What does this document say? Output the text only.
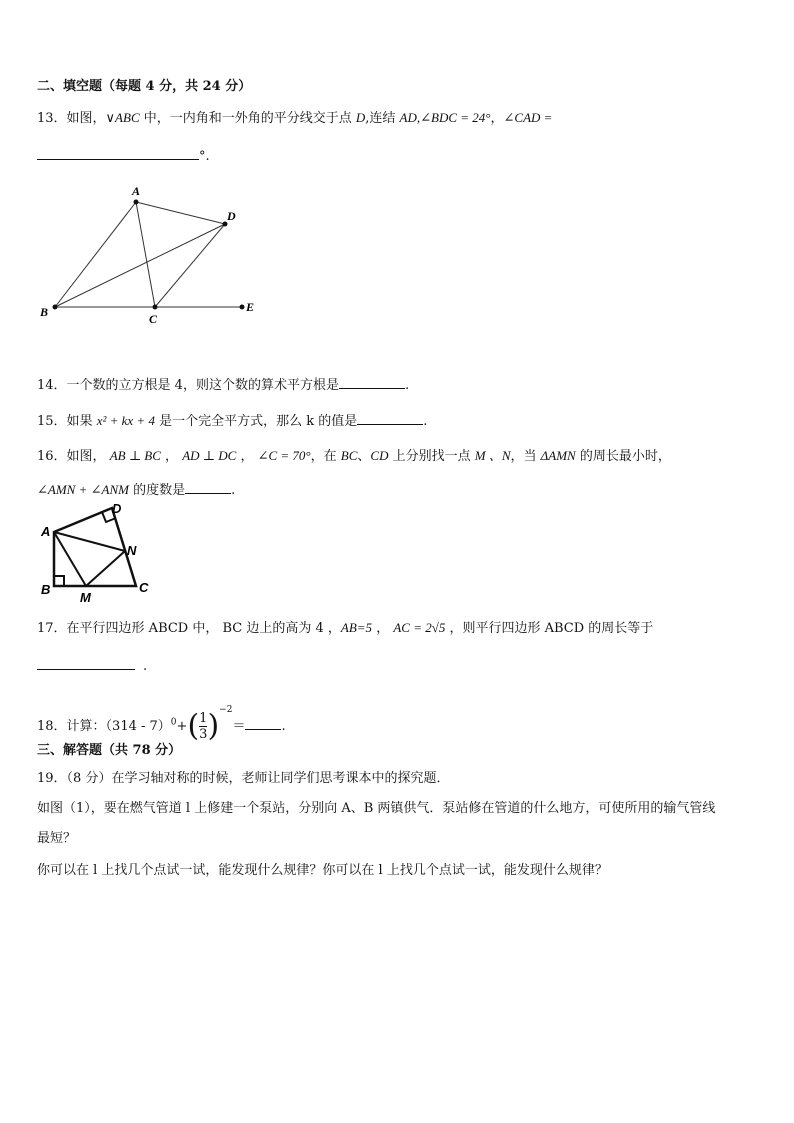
二、填空题（每题 4 分，共 24 分）
13．如图，∨ABC 中，一内角和一外角的平分线交于点 D,连结 AD,∠BDC = 24°，∠CAD =
°.
A
D
B	C
E
14．一个数的立方根是 4，则这个数的算术平方根是	.
15．如果 x² + kx + 4 是一个完全平方式，那么 k 的值是	.
16．如图， AB ⊥ BC ， AD ⊥ DC ， ∠C = 70°，在 BC、CD 上分别找一点 M 、N，当 ΔAMN 的周长最小时，
∠AMN + ∠ANM 的度数是	.
A
D
N
B	C
M
17．在平行四边形 ABCD 中， BC 边上的高为 4 ，AB=5 ， AC = 2√5 ，则平行四边形 ABCD 的周长等于
.
18．计算：$(314 - 7)^0+( \frac{1}{3} )^{-2}=$	.
三、解答题（共 78 分）
19．（8 分）在学习轴对称的时候，老师让同学们思考课本中的探究题．
如图（1），要在燃气管道 l 上修建一个泵站，分别向 A、B 两镇供气．泵站修在管道的什么地方，可使所用的输气管线
最短？
你可以在 l 上找几个点试一试，能发现什么规律？你可以在 l 上找几个点试一试，能发现什么规律？
